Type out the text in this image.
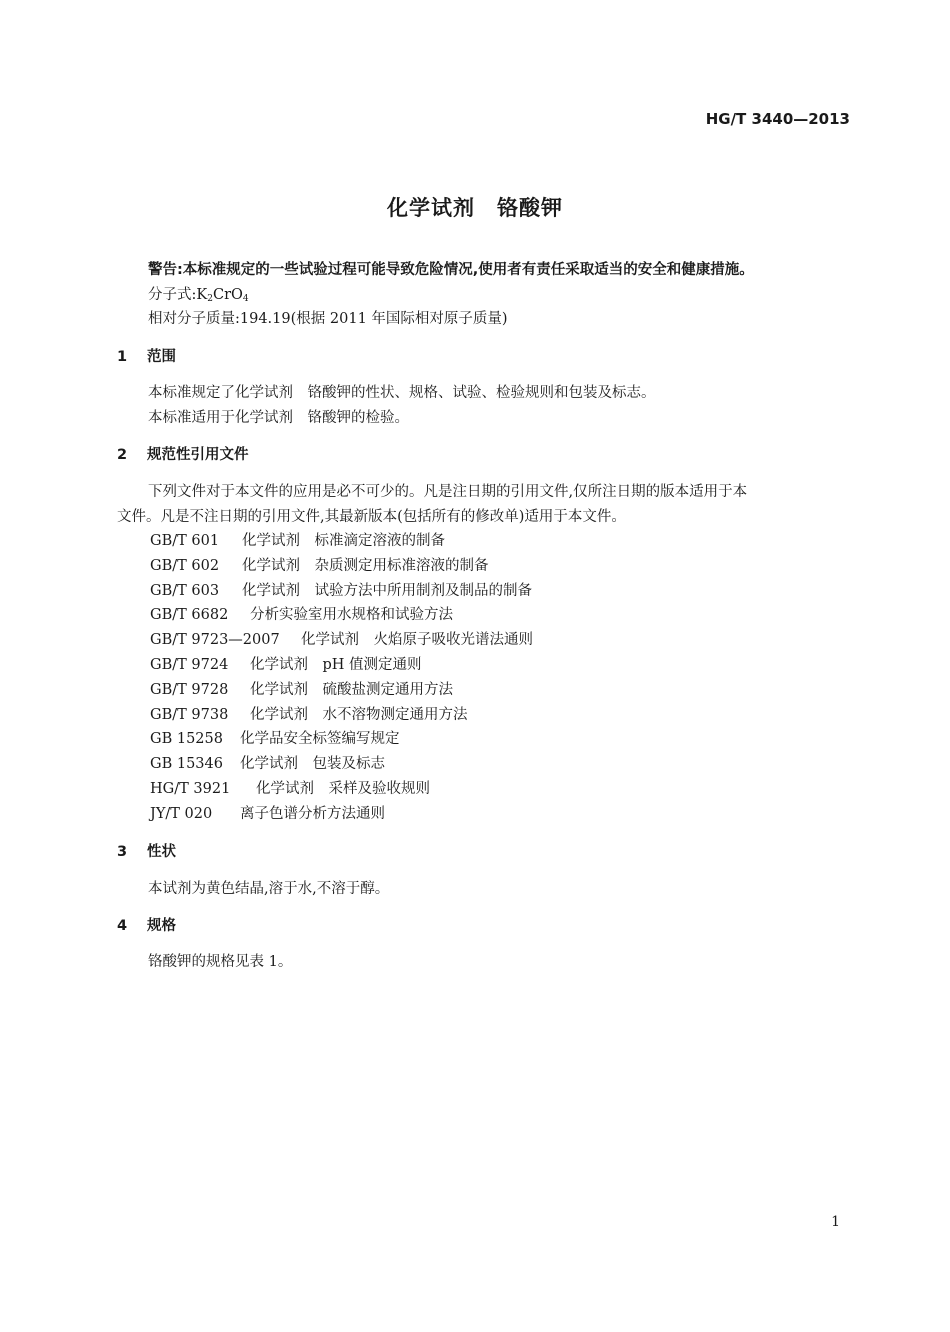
HG/T 3440—2013
化学试剂 铬酸钾
警告:本标准规定的一些试验过程可能导致危险情况,使用者有责任采取适当的安全和健康措施。
分子式$:K_2CrO_4$
相对分子质量:194.19(根据 2011 年国际相对原子质量)
1 范围
本标准规定了化学试剂　铬酸钾的性状、规格、试验、检验规则和包装及标志。
本标准适用于化学试剂　铬酸钾的检验。
2 规范性引用文件
下列文件对于本文件的应用是必不可少的。凡是注日期的引用文件,仅所注日期的版本适用于本
文件。凡是不注日期的引用文件,其最新版本(包括所有的修改单)适用于本文件。
GB/T 601 化学试剂　标准滴定溶液的制备
GB/T 602 化学试剂　杂质测定用标准溶液的制备
GB/T 603 化学试剂　试验方法中所用制剂及制品的制备
GB/T 6682 分析实验室用水规格和试验方法
GB/T 9723—2007 化学试剂　火焰原子吸收光谱法通则
GB/T 9724 化学试剂　pH 值测定通则
GB/T 9728 化学试剂　硫酸盐测定通用方法
GB/T 9738 化学试剂　水不溶物测定通用方法
GB 15258 化学品安全标签编写规定
GB 15346 化学试剂　包装及标志
HG/T 3921 化学试剂　采样及验收规则
JY/T 020 离子色谱分析方法通则
3 性状
本试剂为黄色结晶,溶于水,不溶于醇。
4 规格
铬酸钾的规格见表 1。
1
